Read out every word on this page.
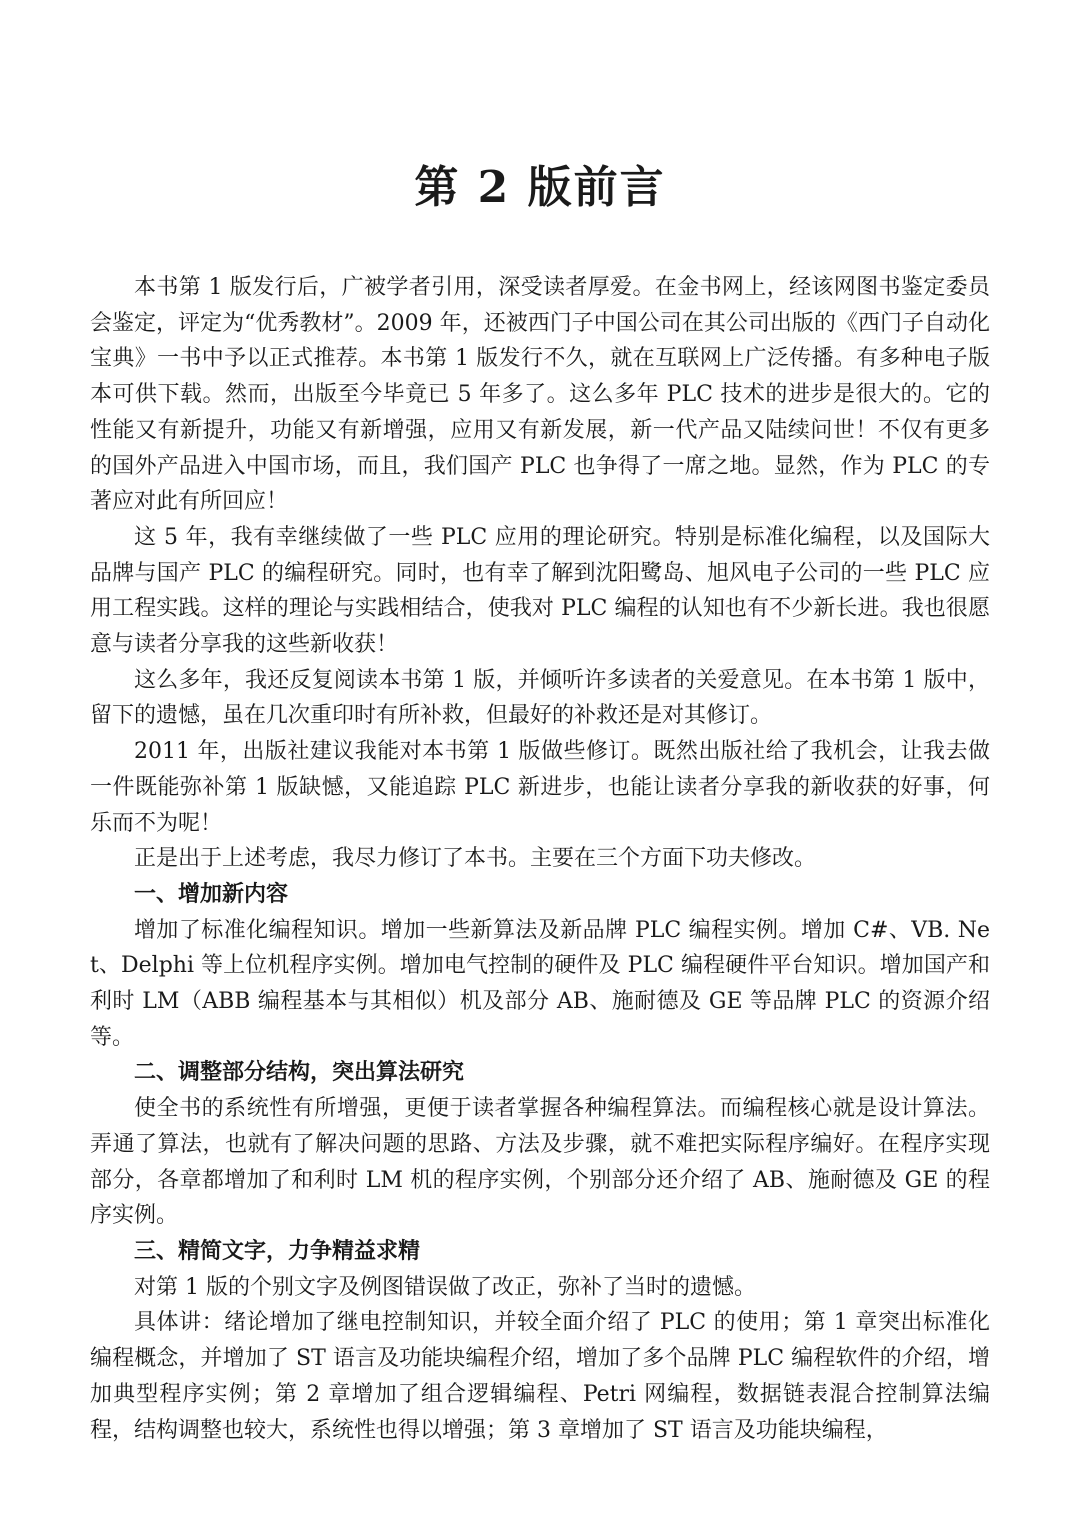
第 2 版前言

本书第 1 版发行后，广被学者引用，深受读者厚爱。在金书网上，经该网图书鉴定委员会鉴定，评定为“优秀教材”。2009 年，还被西门子中国公司在其公司出版的《西门子自动化宝典》一书中予以正式推荐。本书第 1 版发行不久，就在互联网上广泛传播。有多种电子版本可供下载。然而，出版至今毕竟已 5 年多了。这么多年 PLC 技术的进步是很大的。它的性能又有新提升，功能又有新增强，应用又有新发展，新一代产品又陆续问世！不仅有更多的国外产品进入中国市场，而且，我们国产 PLC 也争得了一席之地。显然，作为 PLC 的专著应对此有所回应！

这 5 年，我有幸继续做了一些 PLC 应用的理论研究。特别是标准化编程，以及国际大品牌与国产 PLC 的编程研究。同时，也有幸了解到沈阳鹭岛、旭风电子公司的一些 PLC 应用工程实践。这样的理论与实践相结合，使我对 PLC 编程的认知也有不少新长进。我也很愿意与读者分享我的这些新收获！

这么多年，我还反复阅读本书第 1 版，并倾听许多读者的关爱意见。在本书第 1 版中，留下的遗憾，虽在几次重印时有所补救，但最好的补救还是对其修订。

2011 年，出版社建议我能对本书第 1 版做些修订。既然出版社给了我机会，让我去做一件既能弥补第 1 版缺憾，又能追踪 PLC 新进步，也能让读者分享我的新收获的好事，何乐而不为呢！

正是出于上述考虑，我尽力修订了本书。主要在三个方面下功夫修改。

一、增加新内容

增加了标准化编程知识。增加一些新算法及新品牌 PLC 编程实例。增加 C#、VB. Net、Delphi 等上位机程序实例。增加电气控制的硬件及 PLC 编程硬件平台知识。增加国产和利时 LM（ABB 编程基本与其相似）机及部分 AB、施耐德及 GE 等品牌 PLC 的资源介绍等。

二、调整部分结构，突出算法研究

使全书的系统性有所增强，更便于读者掌握各种编程算法。而编程核心就是设计算法。弄通了算法，也就有了解决问题的思路、方法及步骤，就不难把实际程序编好。在程序实现部分，各章都增加了和利时 LM 机的程序实例，个别部分还介绍了 AB、施耐德及 GE 的程序实例。

三、精简文字，力争精益求精

对第 1 版的个别文字及例图错误做了改正，弥补了当时的遗憾。

具体讲：绪论增加了继电控制知识，并较全面介绍了 PLC 的使用；第 1 章突出标准化编程概念，并增加了 ST 语言及功能块编程介绍，增加了多个品牌 PLC 编程软件的介绍，增加典型程序实例；第 2 章增加了组合逻辑编程、Petri 网编程，数据链表混合控制算法编程，结构调整也较大，系统性也得以增强；第 3 章增加了 ST 语言及功能块编程，
